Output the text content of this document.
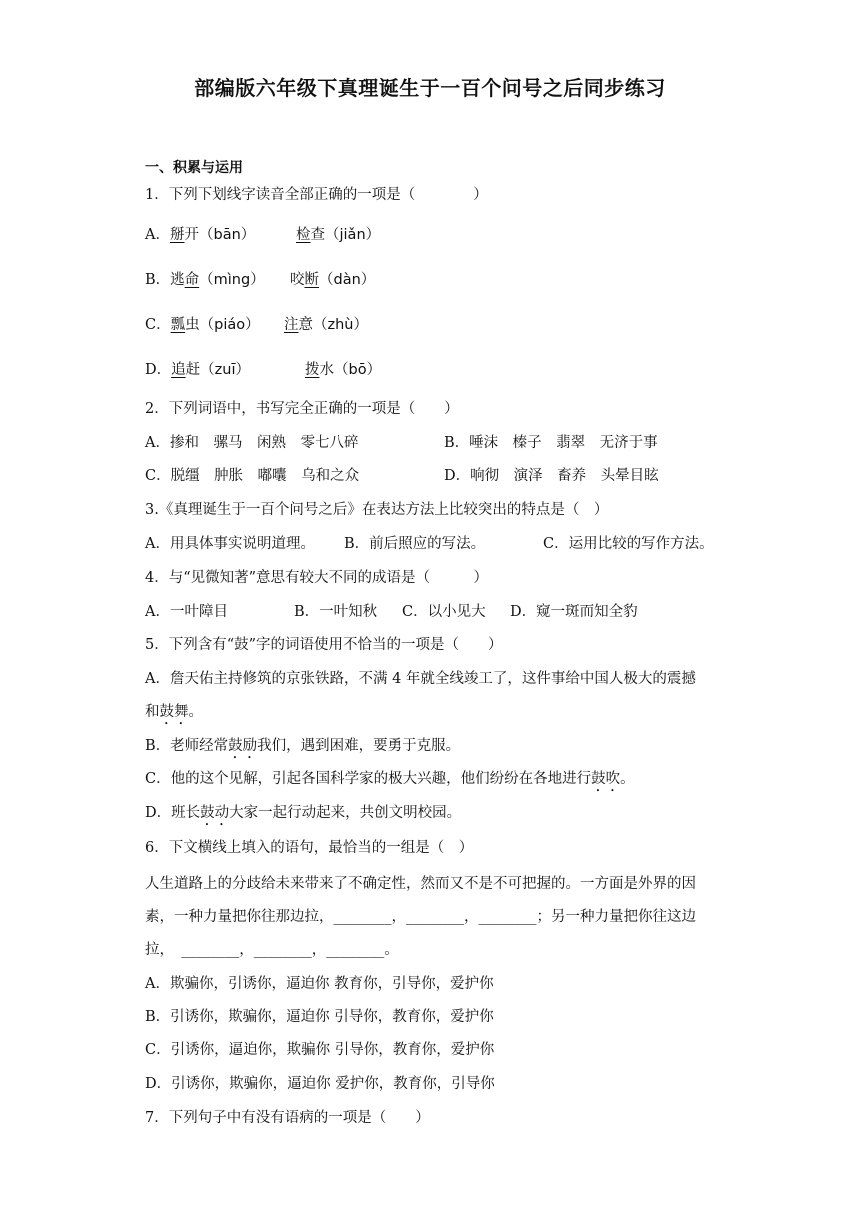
部编版六年级下真理诞生于一百个问号之后同步练习
一、积累与运用
1．下列下划线字读音全部正确的一项是（　　　　）
A．掰开（bān）	检查（jiǎn）
B．逃命（mìng） 咬断（dàn）
C．瓢虫（piáo） 注意（zhù）
D．追赶（zuī）	拨水（bō）
2．下列词语中，书写完全正确的一项是（　　）
A．掺和　骡马　闲熟　零七八碎	B．唾沫　榛子　翡翠　无济于事
C．脱缰　肿胀　嘟囔　乌和之众	D．响彻　演泽　畜养　头晕目眩
3.《真理诞生于一百个问号之后》在表达方法上比较突出的特点是（　）
A．用具体事实说明道理。 B．前后照应的写法。	C．运用比较的写作方法。
4．与“见微知著”意思有较大不同的成语是（　　　）
A．一叶障目	B．一叶知秋 C．以小见大 D．窥一斑而知全豹
5．下列含有“鼓”字的词语使用不恰当的一项是（　　）
A．詹天佑主持修筑的京张铁路，不满 4 年就全线竣工了，这件事给中国人极大的震撼
和鼓舞。
B．老师经常鼓励我们，遇到困难，要勇于克服。
C．他的这个见解，引起各国科学家的极大兴趣，他们纷纷在各地进行鼓吹。
D．班长鼓动大家一起行动起来，共创文明校园。
6．下文横线上填入的语句，最恰当的一组是（　）
人生道路上的分歧给未来带来了不确定性，然而又不是不可把握的。一方面是外界的因
素，一种力量把你往那边拉，________，________，________；另一种力量把你往这边
拉，　________，________，________。
A．欺骗你，引诱你，逼迫你 教育你，引导你，爱护你
B．引诱你，欺骗你，逼迫你 引导你，教育你，爱护你
C．引诱你，逼迫你，欺骗你 引导你，教育你，爱护你
D．引诱你，欺骗你，逼迫你 爱护你，教育你，引导你
7．下列句子中有没有语病的一项是（　　）
